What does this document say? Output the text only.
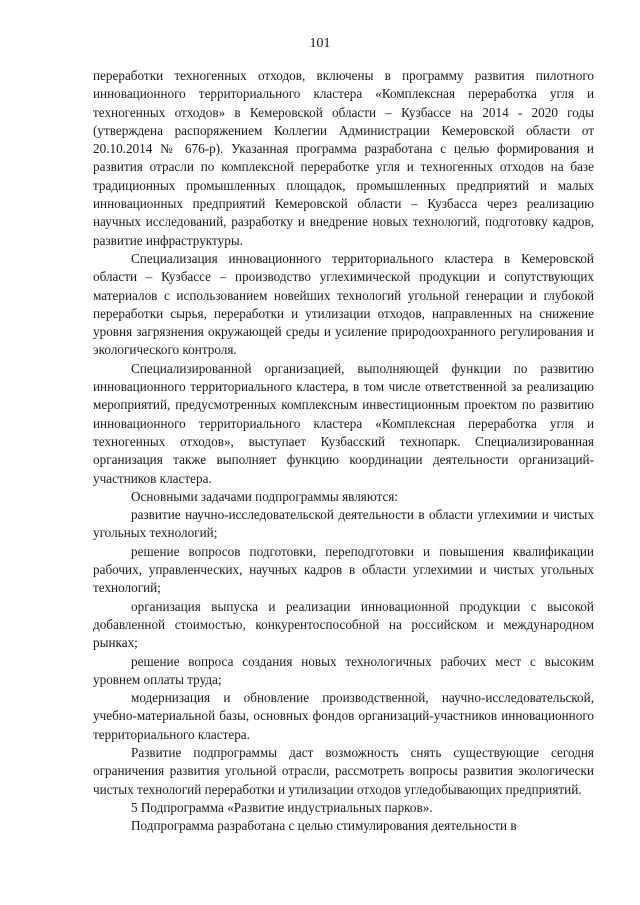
101

переработки техногенных отходов, включены в программу развития пилотного инновационного территориального кластера «Комплексная переработка угля и техногенных отходов» в Кемеровской области – Кузбассе на 2014 - 2020 годы (утверждена распоряжением Коллегии Администрации Кемеровской области от 20.10.2014 № 676-р). Указанная программа разработана с целью формирования и развития отрасли по комплексной переработке угля и техногенных отходов на базе традиционных промышленных площадок, промышленных предприятий и малых инновационных предприятий Кемеровской области – Кузбасса через реализацию научных исследований, разработку и внедрение новых технологий, подготовку кадров, развитие инфраструктуры.

Специализация инновационного территориального кластера в Кемеровской области – Кузбассе – производство углехимической продукции и сопутствующих материалов с использованием новейших технологий угольной генерации и глубокой переработки сырья, переработки и утилизации отходов, направленных на снижение уровня загрязнения окружающей среды и усиление природоохранного регулирования и экологического контроля.

Специализированной организацией, выполняющей функции по развитию инновационного территориального кластера, в том числе ответственной за реализацию мероприятий, предусмотренных комплексным инвестиционным проектом по развитию инновационного территориального кластера «Комплексная переработка угля и техногенных отходов», выступает Кузбасский технопарк. Специализированная организация также выполняет функцию координации деятельности организаций-участников кластера.

Основными задачами подпрограммы являются:

развитие научно-исследовательской деятельности в области углехимии и чистых угольных технологий;

решение вопросов подготовки, переподготовки и повышения квалификации рабочих, управленческих, научных кадров в области углехимии и чистых угольных технологий;

организация выпуска и реализации инновационной продукции с высокой добавленной стоимостью, конкурентоспособной на российском и международном рынках;

решение вопроса создания новых технологичных рабочих мест с высоким уровнем оплаты труда;

модернизация и обновление производственной, научно-исследовательской, учебно-материальной базы, основных фондов организаций-участников инновационного территориального кластера.

Развитие подпрограммы даст возможность снять существующие сегодня ограничения развития угольной отрасли, рассмотреть вопросы развития экологически чистых технологий переработки и утилизации отходов угледобывающих предприятий.

5 Подпрограмма «Развитие индустриальных парков».

Подпрограмма разработана с целью стимулирования деятельности в
